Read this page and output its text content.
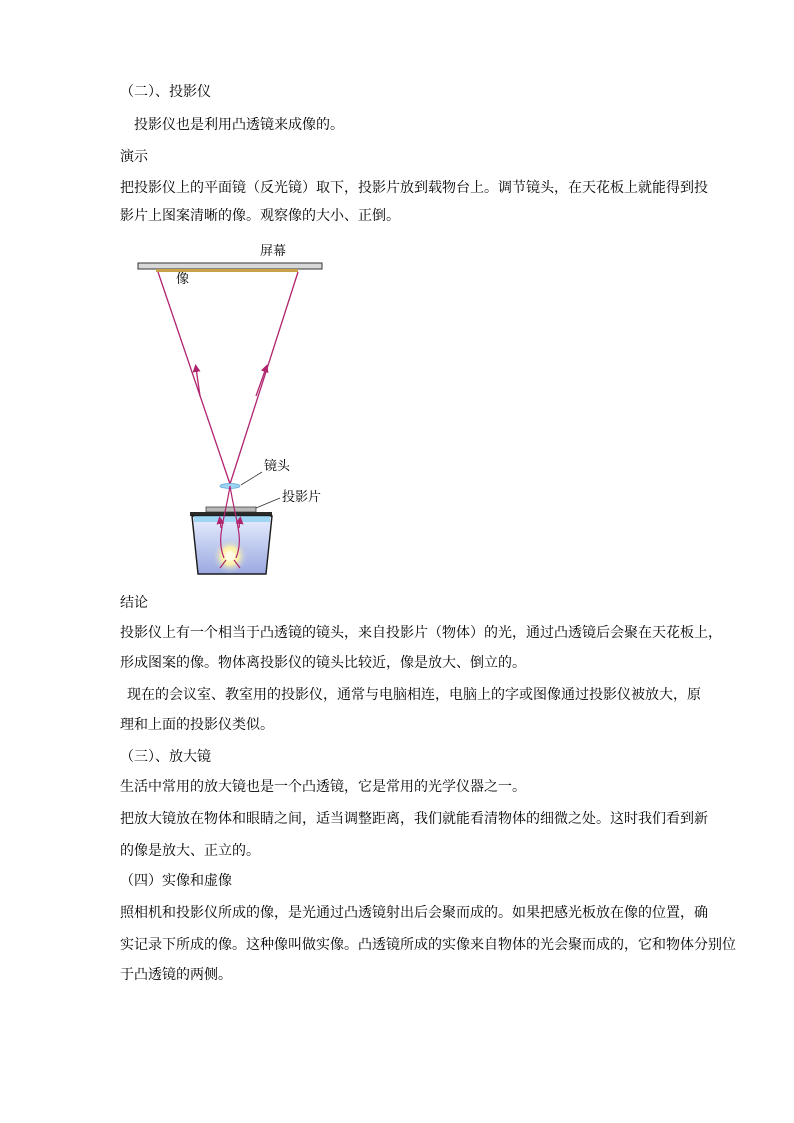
（二）、投影仪
投影仪也是利用凸透镜来成像的。
演示
把投影仪上的平面镜（反光镜）取下，投影片放到载物台上。调节镜头，在天花板上就能得到投
影片上图案清晰的像。观察像的大小、正倒。
屏幕
像
镜头
投影片
结论
投影仪上有一个相当于凸透镜的镜头，来自投影片（物体）的光，通过凸透镜后会聚在天花板上，
形成图案的像。物体离投影仪的镜头比较近，像是放大、倒立的。
现在的会议室、教室用的投影仪，通常与电脑相连，电脑上的字或图像通过投影仪被放大，原
理和上面的投影仪类似。
（三）、放大镜
生活中常用的放大镜也是一个凸透镜，它是常用的光学仪器之一。
把放大镜放在物体和眼睛之间，适当调整距离，我们就能看清物体的细微之处。这时我们看到新
的像是放大、正立的。
（四）实像和虚像
照相机和投影仪所成的像，是光通过凸透镜射出后会聚而成的。如果把感光板放在像的位置，确
实记录下所成的像。这种像叫做实像。凸透镜所成的实像来自物体的光会聚而成的，它和物体分别位
于凸透镜的两侧。
